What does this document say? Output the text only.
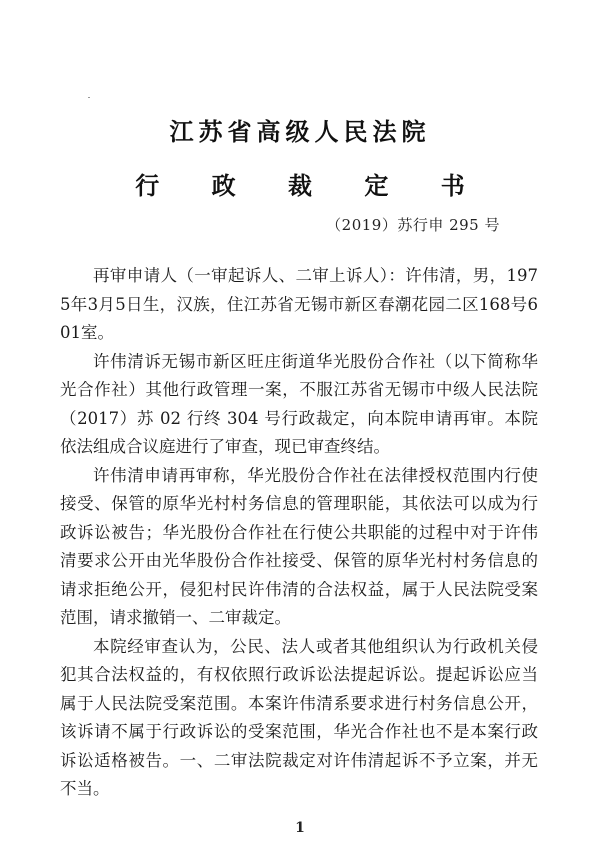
江苏省高级人民法院
行 政 裁 定 书
（2019）苏行申 295 号

再审申请人（一审起诉人、二审上诉人）：许伟清，男，1975年3月5日生，汉族，住江苏省无锡市新区春潮花园二区168号601室。

许伟清诉无锡市新区旺庄街道华光股份合作社（以下简称华光合作社）其他行政管理一案，不服江苏省无锡市中级人民法院（2017）苏 02 行终 304 号行政裁定，向本院申请再审。本院依法组成合议庭进行了审查，现已审查终结。

许伟清申请再审称，华光股份合作社在法律授权范围内行使接受、保管的原华光村村务信息的管理职能，其依法可以成为行政诉讼被告；华光股份合作社在行使公共职能的过程中对于许伟清要求公开由光华股份合作社接受、保管的原华光村村务信息的请求拒绝公开，侵犯村民许伟清的合法权益，属于人民法院受案范围，请求撤销一、二审裁定。

本院经审查认为，公民、法人或者其他组织认为行政机关侵犯其合法权益的，有权依照行政诉讼法提起诉讼。提起诉讼应当属于人民法院受案范围。本案许伟清系要求进行村务信息公开，该诉请不属于行政诉讼的受案范围，华光合作社也不是本案行政诉讼适格被告。一、二审法院裁定对许伟清起诉不予立案，并无不当。

1
